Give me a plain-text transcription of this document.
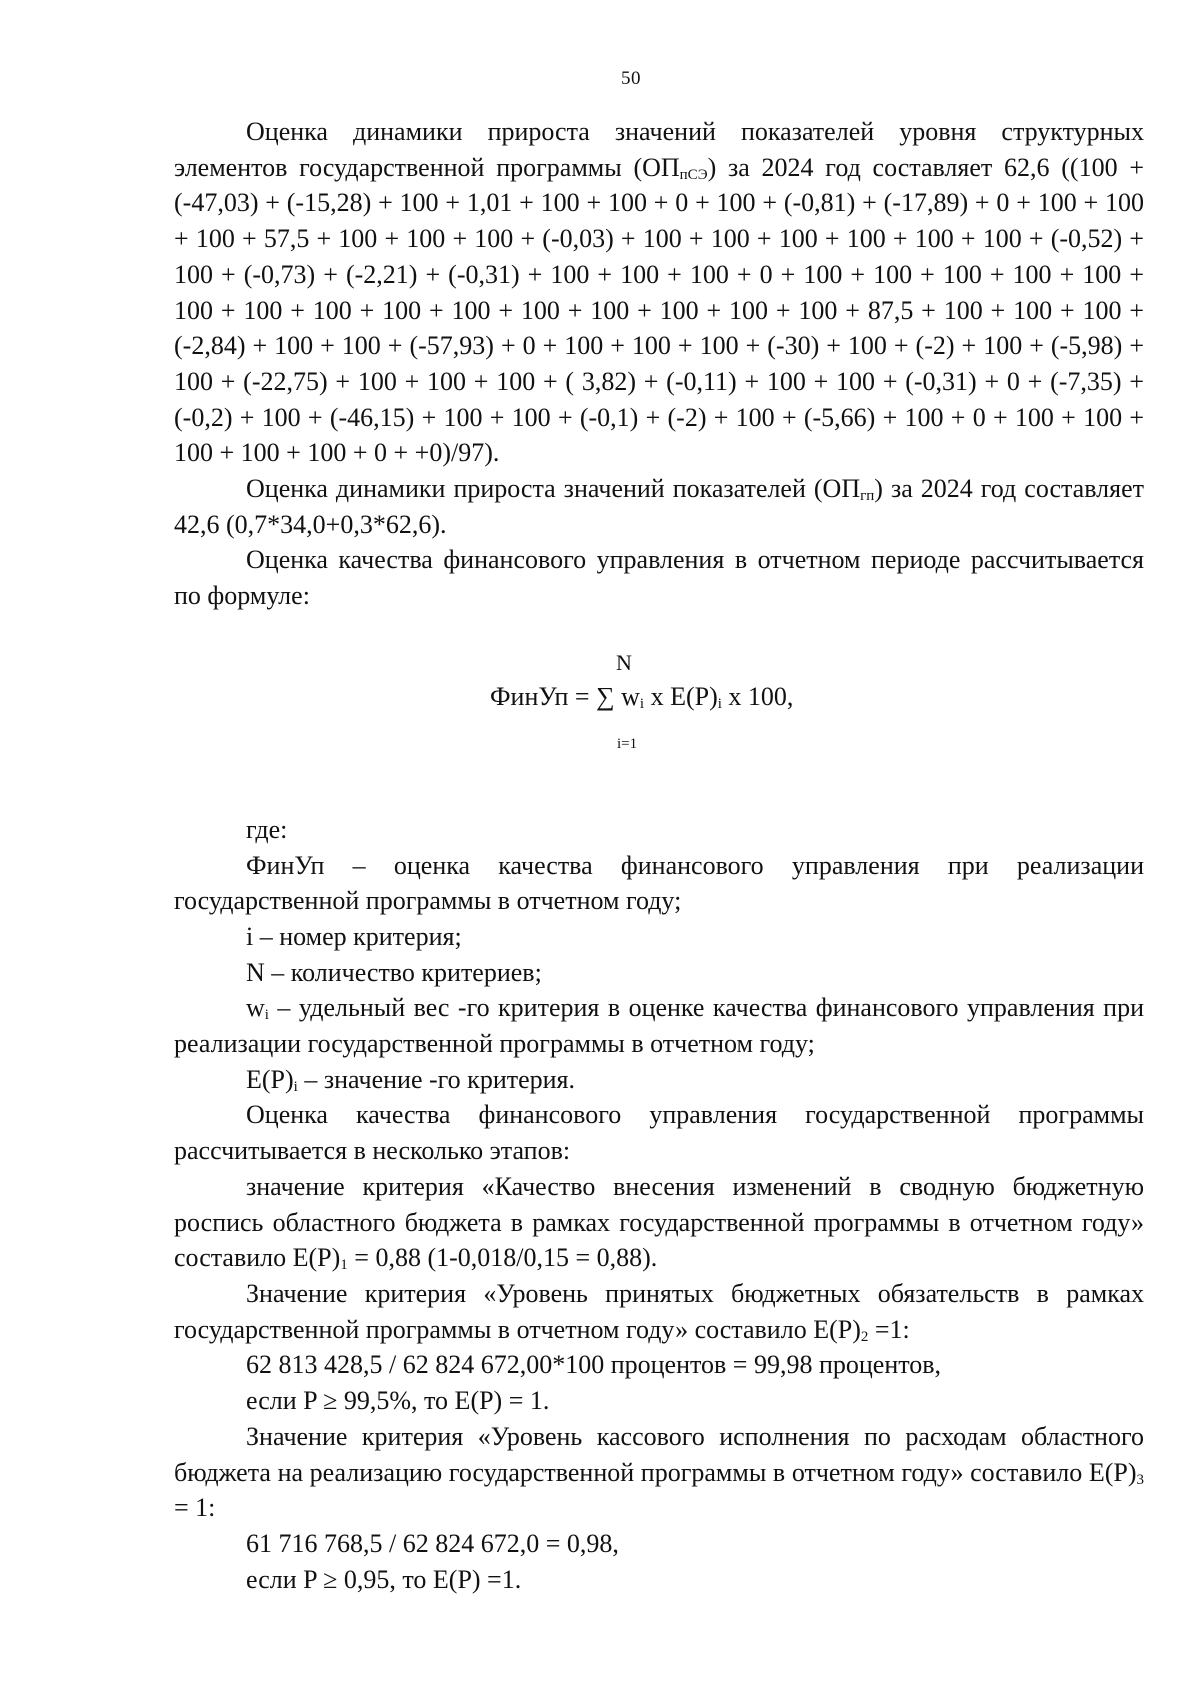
50

Оценка динамики прироста значений показателей уровня структурных элементов государственной программы $(ОП_{пСЭ})$ за 2024 год составляет 62,6 ((100 + (-47,03) + (-15,28) + 100 + 1,01 + 100 + 100 + 0 + 100 + (-0,81) + (-17,89) + 0 + 100 + 100 + 100 + 57,5 + 100 + 100 + 100 + (-0,03) + 100 + 100 + 100 + 100 + 100 + 100 + (-0,52) + 100 + (-0,73) + (-2,21) + (-0,31) + 100 + 100 + 100 + 0 + 100 + 100 + 100 + 100 + 100 + 100 + 100 + 100 + 100 + 100 + 100 + 100 + 100 + 100 + 100 + 87,5 + 100 + 100 + 100 + (-2,84) + 100 + 100 + (-57,93) + 0 + 100 + 100 + 100 + (-30) + 100 + (-2) + 100 + (-5,98) + 100 + (-22,75) + 100 + 100 + 100 + ( 3,82) + (-0,11) + 100 + 100 + (-0,31) + 0 + (-7,35) + (-0,2) + 100 + (-46,15) + 100 + 100 + (-0,1) + (-2) + 100 + (-5,66) + 100 + 0 + 100 + 100 + 100 + 100 + 100 + 0 + +0)/97).

Оценка динамики прироста значений показателей $(ОП_{гп})$ за 2024 год составляет 42,6 (0,7*34,0+0,3*62,6).

Оценка качества финансового управления в отчетном периоде рассчитывается по формуле:

N
ФинУп = ∑ $w_i$ x $E(P)_i$ x 100,
i=1

где:

ФинУп – оценка качества финансового управления при реализации государственной программы в отчетном году;

i – номер критерия;

N – количество критериев;

$w_i$ – удельный вес -го критерия в оценке качества финансового управления при реализации государственной программы в отчетном году;

$E(P)_i$ – значение -го критерия.

Оценка качества финансового управления государственной программы рассчитывается в несколько этапов:

значение критерия «Качество внесения изменений в сводную бюджетную роспись областного бюджета в рамках государственной программы в отчетном году» составило $E(P)_1 = 0,88$ (1-0,018/0,15 = 0,88).

Значение критерия «Уровень принятых бюджетных обязательств в рамках государственной программы в отчетном году» составило $E(P)_2 =1$:

62 813 428,5 / 62 824 672,00*100 процентов = 99,98 процентов,

если P ≥ 99,5%, то E(P) = 1.

Значение критерия «Уровень кассового исполнения по расходам областного бюджета на реализацию государственной программы в отчетном году» составило $E(P)_3 = 1$:

61 716 768,5 / 62 824 672,0 = 0,98,

если P ≥ 0,95, то E(P) =1.
